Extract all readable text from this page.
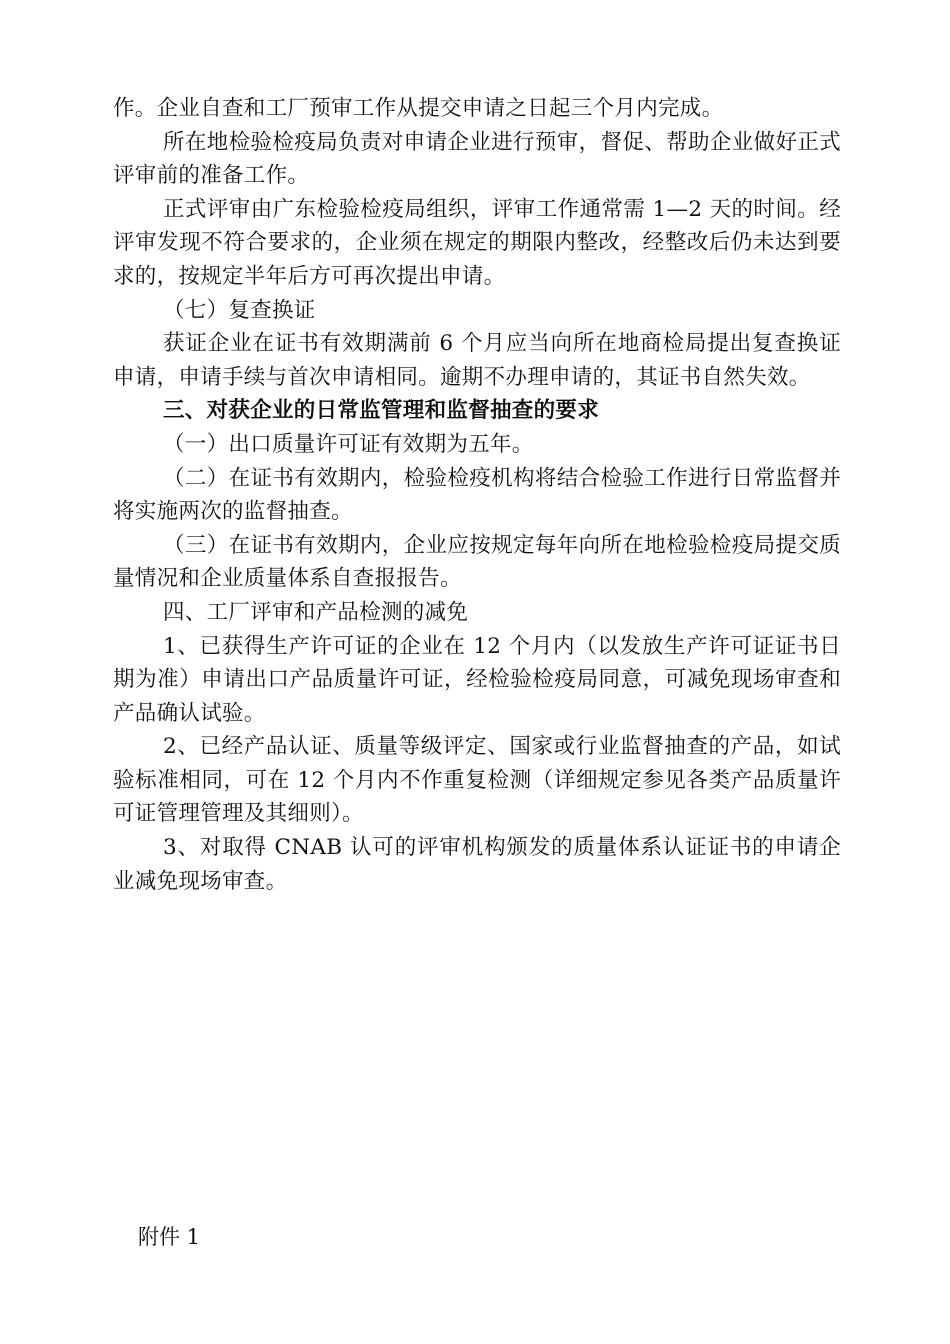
作。企业自查和工厂预审工作从提交申请之日起三个月内完成。

所在地检验检疫局负责对申请企业进行预审，督促、帮助企业做好正式评审前的准备工作。

正式评审由广东检验检疫局组织，评审工作通常需 1—2 天的时间。经评审发现不符合要求的，企业须在规定的期限内整改，经整改后仍未达到要求的，按规定半年后方可再次提出申请。

（七）复查换证

获证企业在证书有效期满前 6 个月应当向所在地商检局提出复查换证申请，申请手续与首次申请相同。逾期不办理申请的，其证书自然失效。

三、对获企业的日常监管理和监督抽查的要求

（一）出口质量许可证有效期为五年。

（二）在证书有效期内，检验检疫机构将结合检验工作进行日常监督并将实施两次的监督抽查。

（三）在证书有效期内，企业应按规定每年向所在地检验检疫局提交质量情况和企业质量体系自查报报告。

四、工厂评审和产品检测的减免

1、已获得生产许可证的企业在 12 个月内（以发放生产许可证证书日期为准）申请出口产品质量许可证，经检验检疫局同意，可减免现场审查和产品确认试验。

2、已经产品认证、质量等级评定、国家或行业监督抽查的产品，如试验标准相同，可在 12 个月内不作重复检测（详细规定参见各类产品质量许可证管理管理及其细则）。

3、对取得 CNAB 认可的评审机构颁发的质量体系认证证书的申请企业减免现场审查。

附件 1
